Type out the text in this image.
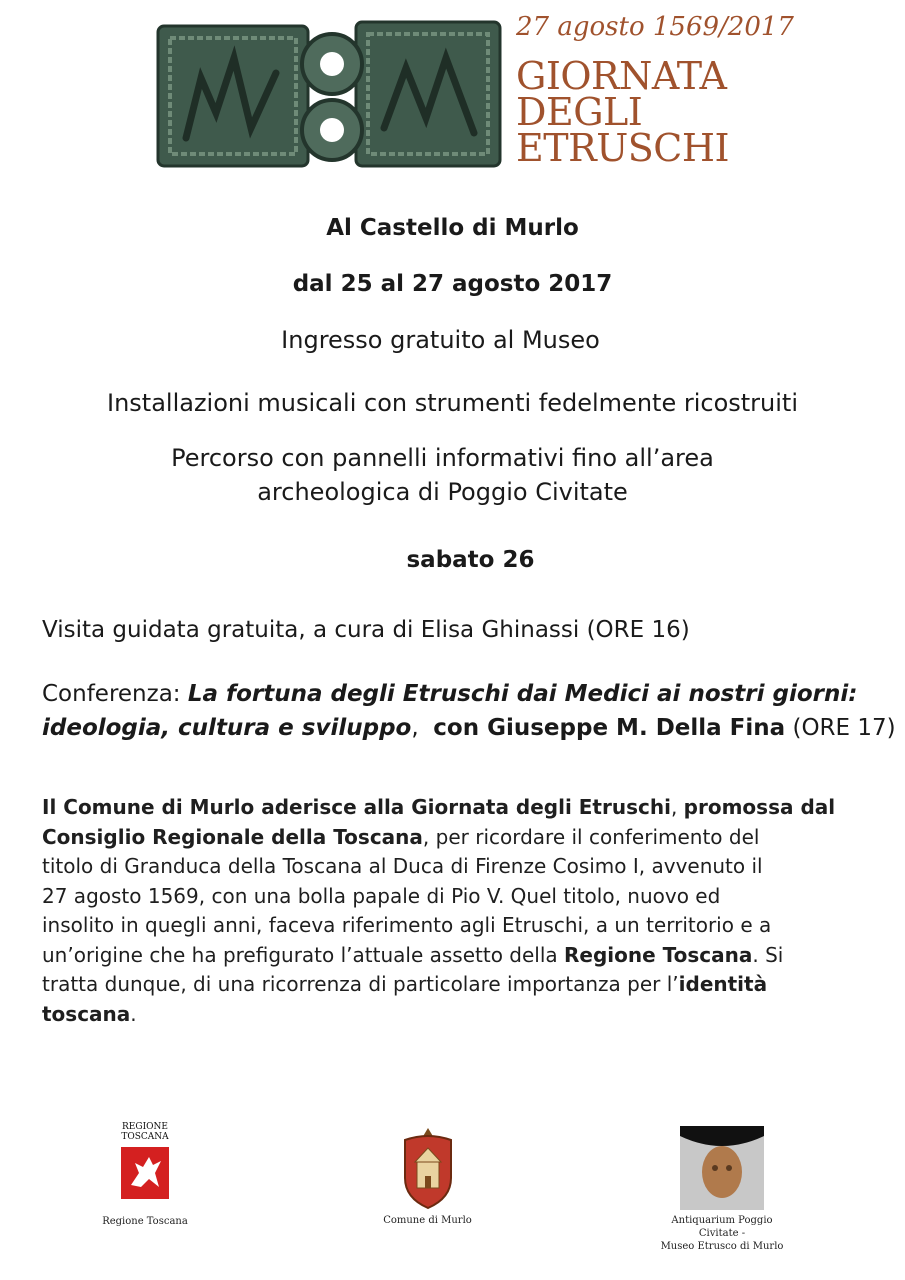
27 agosto 1569/2017
GIORNATA
DEGLI
ETRUSCHI
Al Castello di Murlo
dal 25 al 27 agosto 2017
Ingresso gratuito al Museo
Installazioni musicali con strumenti fedelmente ricostruiti
Percorso con pannelli informativi fino all’area
archeologica di Poggio Civitate
sabato 26
Visita guidata gratuita, a cura di Elisa Ghinassi (ORE 16)
Conferenza: La fortuna degli Etruschi dai Medici ai nostri giorni:
ideologia, cultura e sviluppo,  con Giuseppe M. Della Fina (ORE 17)
Il Comune di Murlo aderisce alla Giornata degli Etruschi, promossa dal
Consiglio Regionale della Toscana, per ricordare il conferimento del
titolo di Granduca della Toscana al Duca di Firenze Cosimo I, avvenuto il
27 agosto 1569, con una bolla papale di Pio V. Quel titolo, nuovo ed
insolito in quegli anni, faceva riferimento agli Etruschi, a un territorio e a
un’origine che ha prefigurato l’attuale assetto della Regione Toscana. Si
tratta dunque, di una ricorrenza di particolare importanza per l’identità
toscana.
REGIONE
TOSCANA
Regione Toscana	Comune di Murlo	Antiquarium Poggio Civitate -
Museo Etrusco di Murlo
